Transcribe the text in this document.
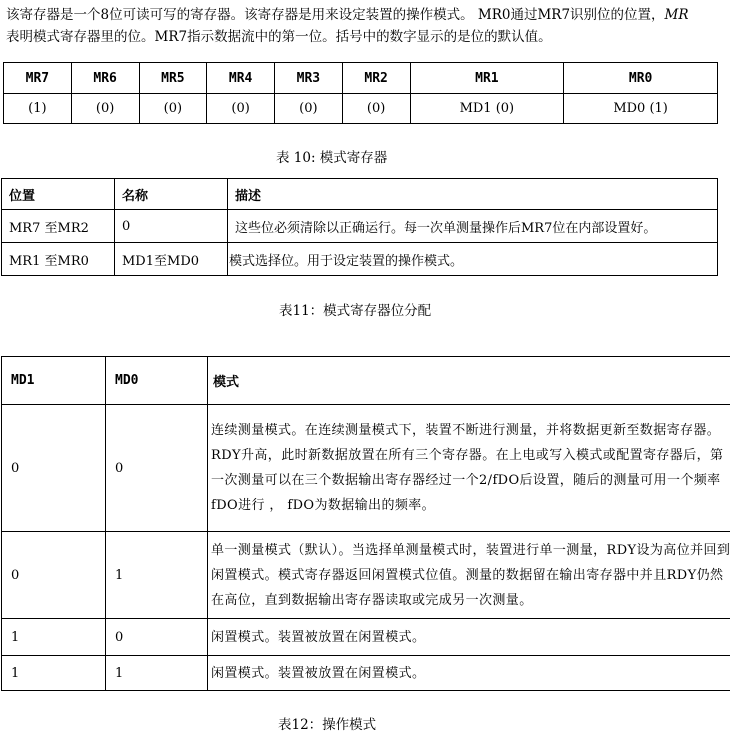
该寄存器是一个8位可读可写的寄存器。该寄存器是用来设定装置的操作模式。 MR0通过MR7识别位的位置，MR
表明模式寄存器里的位。MR7指示数据流中的第一位。括号中的数字显示的是位的默认值。
MR7	MR6	MR5	MR4	MR3	MR2	MR1	MR0
(1)	(0)	(0)	(0)	(0)	(0)	MD1 (0)	MD0 (1)
表 10: 模式寄存器
位置	名称	描述
MR7 至MR2	0	这些位必须清除以正确运行。每一次单测量操作后MR7位在内部设置好。
MR1 至MR0	MD1至MD0	模式选择位。用于设定装置的操作模式。
表11：模式寄存器位分配
MD1	MD0	模式
0	0	连续测量模式。在连续测量模式下，装置不断进行测量，并将数据更新至数据寄存器。RDY升高，此时新数据放置在所有三个寄存器。在上电或写入模式或配置寄存器后，第一次测量可以在三个数据输出寄存器经过一个2/fDO后设置，随后的测量可用一个频率fDO进行 ， fDO为数据输出的频率。
0	1	单一测量模式（默认）。当选择单测量模式时，装置进行单一测量，RDY设为高位并回到闲置模式。模式寄存器返回闲置模式位值。测量的数据留在输出寄存器中并且RDY仍然在高位，直到数据输出寄存器读取或完成另一次测量。
1	0	闲置模式。装置被放置在闲置模式。
1	1	闲置模式。装置被放置在闲置模式。
表12：操作模式
